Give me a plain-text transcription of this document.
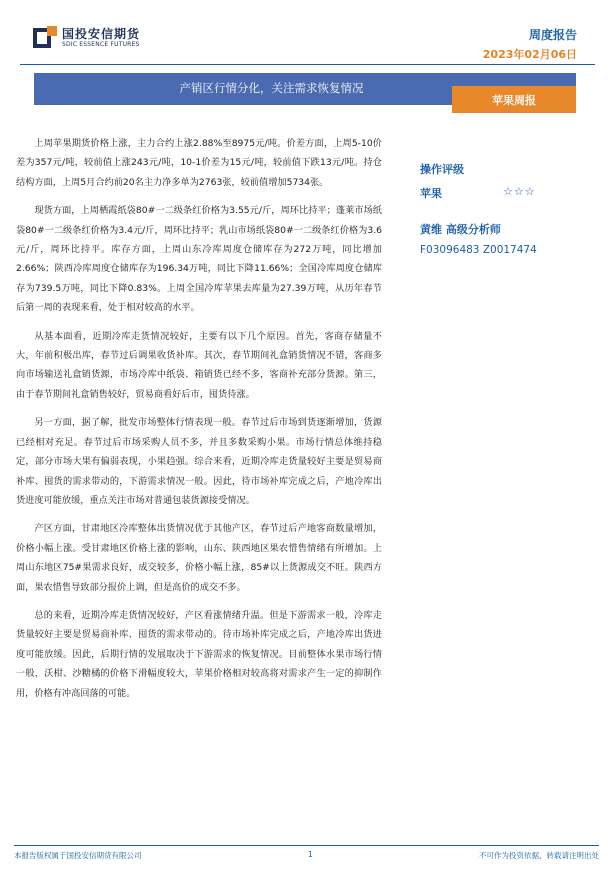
国投安信期货
SDIC ESSENCE FUTURES
周度报告
2023年02月06日
产销区行情分化，关注需求恢复情况
苹果周报

上周苹果期货价格上涨，主力合约上涨2.88%至8975元/吨。价差方面，上周5-10价差为357元/吨，较前值上涨243元/吨，10-1价差为15元/吨，较前值下跌13元/吨。持仓结构方面，上周5月合约前20名主力净多单为2763张，较前值增加5734张。

现货方面，上周栖霞纸袋80#一二级条红价格为3.55元/斤，周环比持平；蓬莱市场纸袋80#一二级条红价格为3.4元/斤，周环比持平；乳山市场纸袋80#一二级条红价格为3.6元/斤，周环比持平。库存方面，上周山东冷库周度仓储库存为272万吨，同比增加2.66%；陕西冷库周度仓储库存为196.34万吨，同比下降11.66%；全国冷库周度仓储库存为739.5万吨，同比下降0.83%。上周全国冷库苹果去库量为27.39万吨，从历年春节后第一周的表现来看，处于相对较高的水平。

从基本面看，近期冷库走货情况较好，主要有以下几个原因。首先，客商存储量不大，年前积极出库，春节过后调果收货补库。其次，春节期间礼盒销货情况不错，客商多向市场输送礼盒销货源，市场冷库中纸袋、箱销货已经不多，客商补充部分货源。第三，由于春节期间礼盒销售较好，贸易商看好后市，囤货待涨。

另一方面，据了解，批发市场整体行情表现一般。春节过后市场到货逐渐增加，货源已经相对充足。春节过后市场采购人员不多，并且多数采购小果。市场行情总体维持稳定，部分市场大果有偏弱表现，小果趋强。综合来看，近期冷库走货量较好主要是贸易商补库、囤货的需求带动的，下游需求情况一般。因此，待市场补库完成之后，产地冷库出货进度可能放缓，重点关注市场对普通包装货源接受情况。

产区方面，甘肃地区冷库整体出货情况优于其他产区，春节过后产地客商数量增加，价格小幅上涨。受甘肃地区价格上涨的影响，山东、陕西地区果农惜售情绪有所增加。上周山东地区75#果需求良好，成交较多，价格小幅上涨，85#以上货源成交不旺。陕西方面，果农惜售导致部分报价上调，但是高价的成交不多。

总的来看，近期冷库走货情况较好，产区看涨情绪升温。但是下游需求一般，冷库走货量较好主要是贸易商补库、囤货的需求带动的。待市场补库完成之后，产地冷库出货进度可能放缓。因此，后期行情的发展取决于下游需求的恢复情况。目前整体水果市场行情一般，沃柑、沙糖橘的价格下滑幅度较大，苹果价格相对较高将对需求产生一定的抑制作用，价格有冲高回落的可能。

操作评级
苹果	☆☆☆
黄维 高级分析师
F03096483 Z0017474
本报告版权属于国投安信期货有限公司	1	不可作为投资依据，转载请注明出处
